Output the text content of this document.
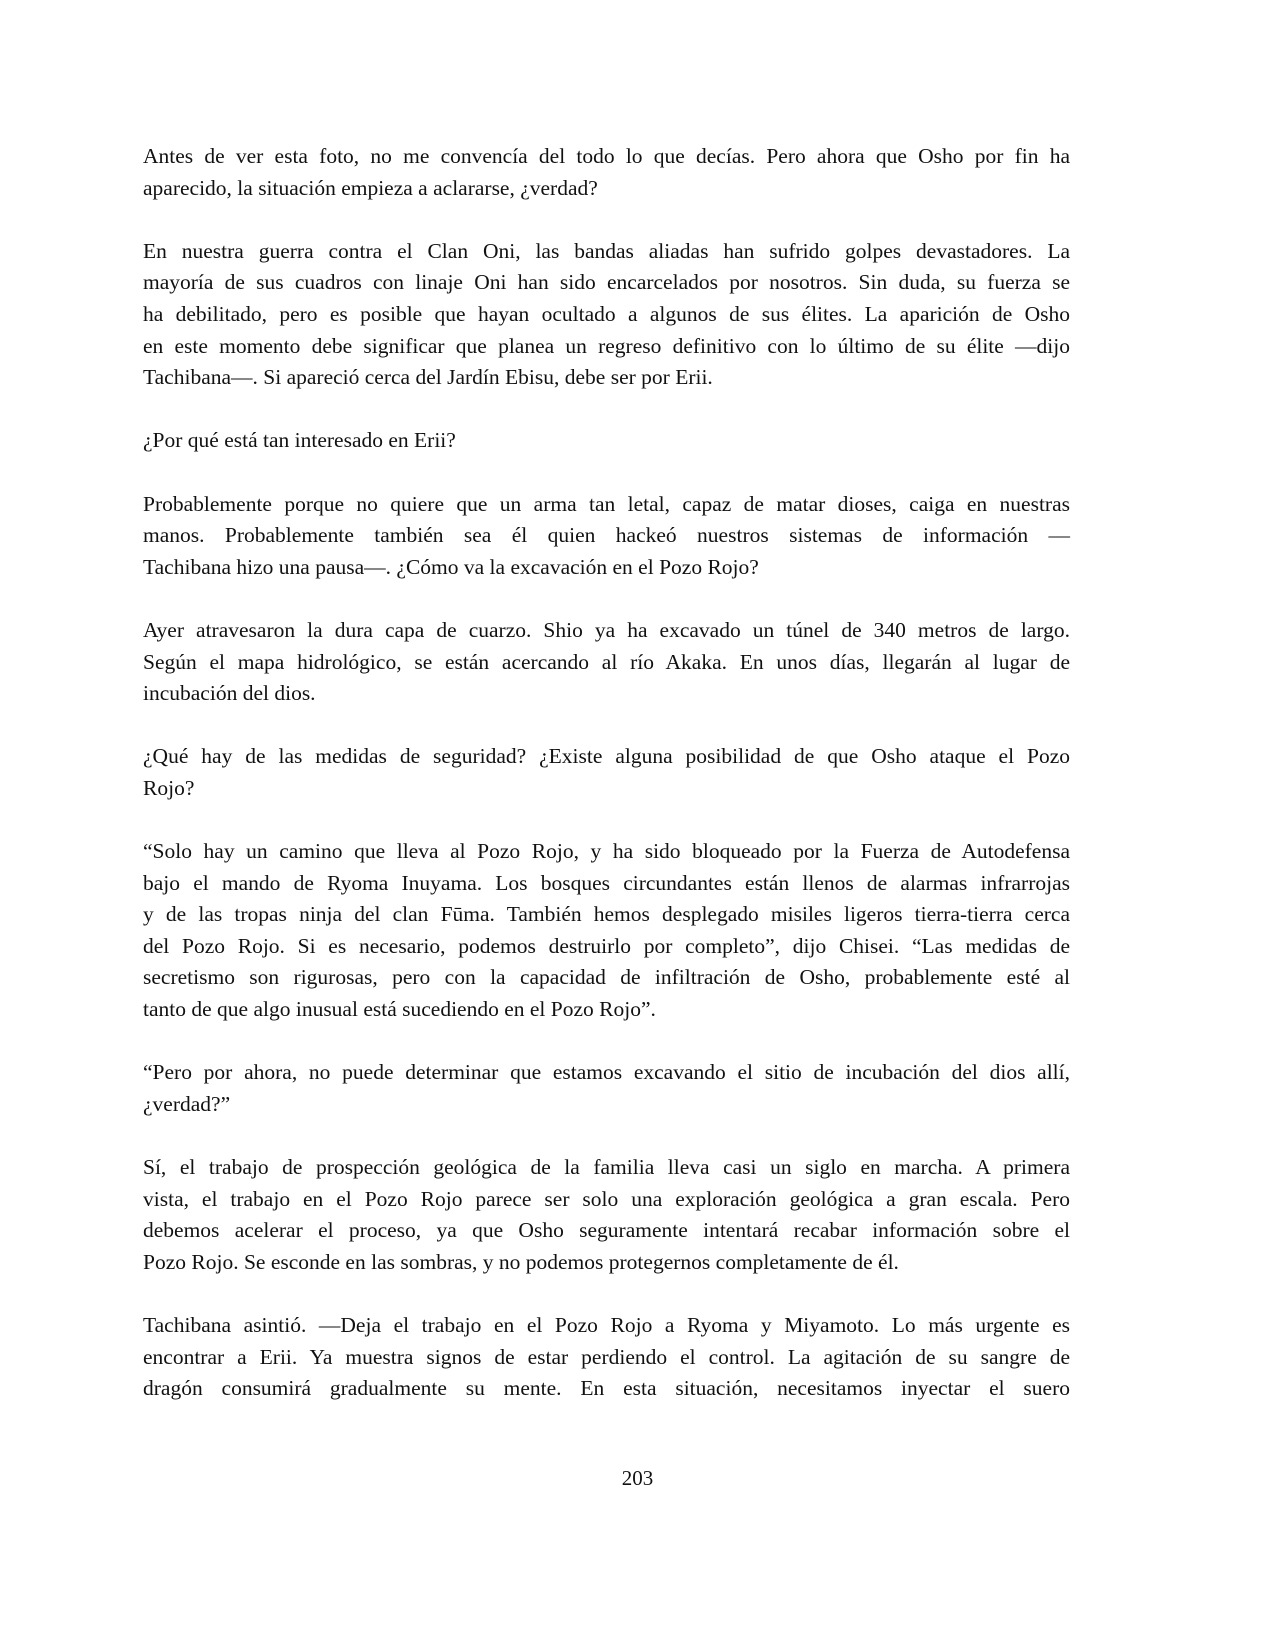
Antes de ver esta foto, no me convencía del todo lo que decías. Pero ahora que Osho por fin ha
aparecido, la situación empieza a aclararse, ¿verdad?
En nuestra guerra contra el Clan Oni, las bandas aliadas han sufrido golpes devastadores. La
mayoría de sus cuadros con linaje Oni han sido encarcelados por nosotros. Sin duda, su fuerza se
ha debilitado, pero es posible que hayan ocultado a algunos de sus élites. La aparición de Osho
en este momento debe significar que planea un regreso definitivo con lo último de su élite —dijo
Tachibana—. Si apareció cerca del Jardín Ebisu, debe ser por Erii.
¿Por qué está tan interesado en Erii?
Probablemente porque no quiere que un arma tan letal, capaz de matar dioses, caiga en nuestras
manos. Probablemente también sea él quien hackeó nuestros sistemas de información —
Tachibana hizo una pausa—. ¿Cómo va la excavación en el Pozo Rojo?
Ayer atravesaron la dura capa de cuarzo. Shio ya ha excavado un túnel de 340 metros de largo.
Según el mapa hidrológico, se están acercando al río Akaka. En unos días, llegarán al lugar de
incubación del dios.
¿Qué hay de las medidas de seguridad? ¿Existe alguna posibilidad de que Osho ataque el Pozo
Rojo?
“Solo hay un camino que lleva al Pozo Rojo, y ha sido bloqueado por la Fuerza de Autodefensa
bajo el mando de Ryoma Inuyama. Los bosques circundantes están llenos de alarmas infrarrojas
y de las tropas ninja del clan Fūma. También hemos desplegado misiles ligeros tierra-tierra cerca
del Pozo Rojo. Si es necesario, podemos destruirlo por completo”, dijo Chisei. “Las medidas de
secretismo son rigurosas, pero con la capacidad de infiltración de Osho, probablemente esté al
tanto de que algo inusual está sucediendo en el Pozo Rojo”.
“Pero por ahora, no puede determinar que estamos excavando el sitio de incubación del dios allí,
¿verdad?”
Sí, el trabajo de prospección geológica de la familia lleva casi un siglo en marcha. A primera
vista, el trabajo en el Pozo Rojo parece ser solo una exploración geológica a gran escala. Pero
debemos acelerar el proceso, ya que Osho seguramente intentará recabar información sobre el
Pozo Rojo. Se esconde en las sombras, y no podemos protegernos completamente de él.
Tachibana asintió. —Deja el trabajo en el Pozo Rojo a Ryoma y Miyamoto. Lo más urgente es
encontrar a Erii. Ya muestra signos de estar perdiendo el control. La agitación de su sangre de
dragón consumirá gradualmente su mente. En esta situación, necesitamos inyectar el suero
203
